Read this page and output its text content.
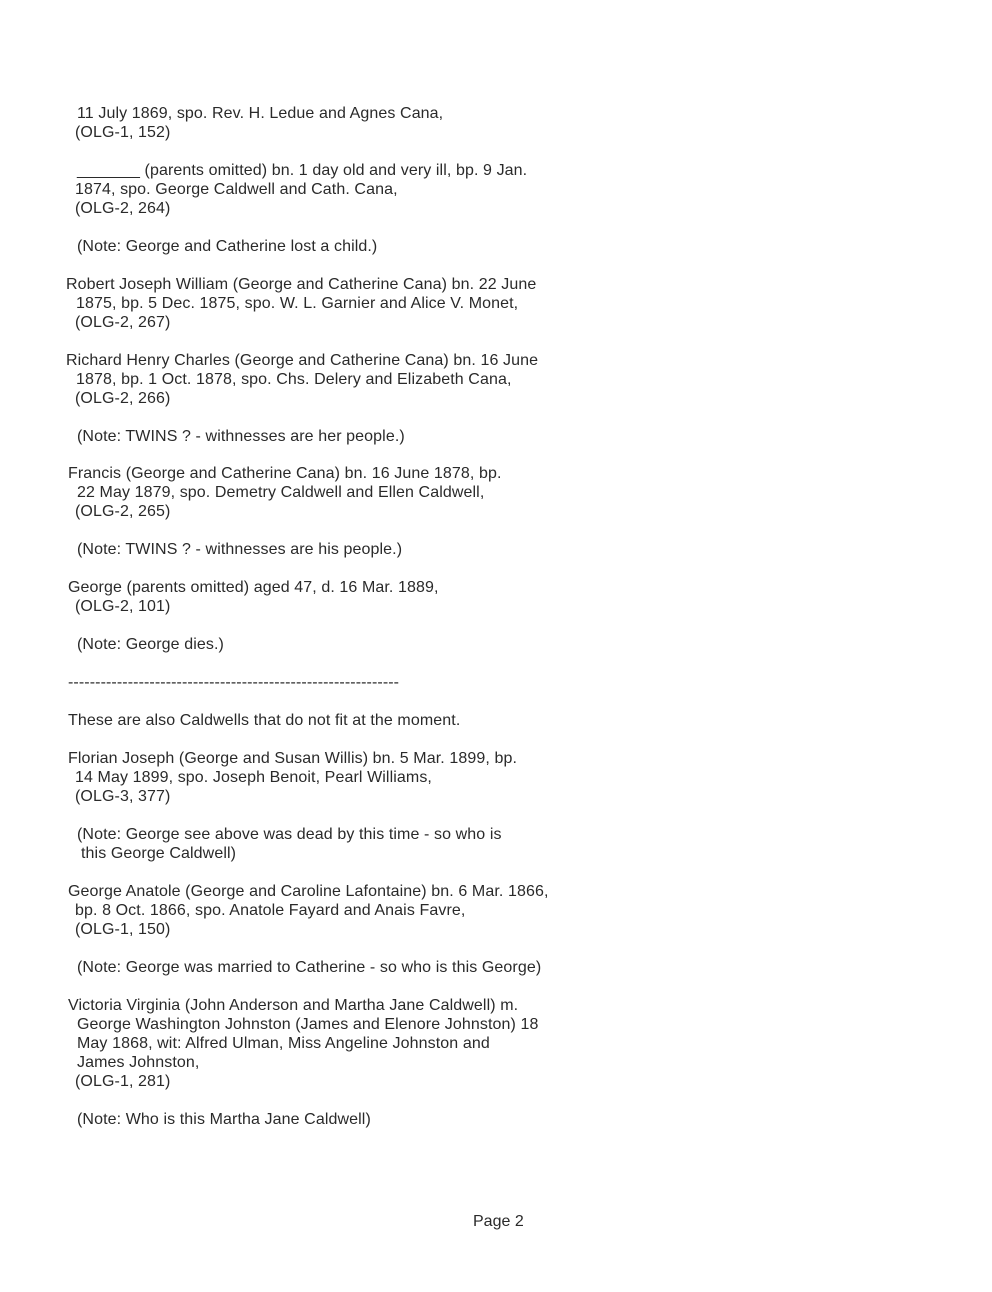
11 July 1869, spo. Rev. H. Ledue and Agnes Cana,
(OLG-1, 152)
_______ (parents omitted) bn. 1 day old and very ill, bp. 9 Jan.
1874, spo. George Caldwell and Cath. Cana,
(OLG-2, 264)
(Note: George and Catherine lost a child.)
Robert Joseph William (George and Catherine Cana) bn. 22 June
1875, bp. 5 Dec. 1875, spo. W. L. Garnier and Alice V. Monet,
(OLG-2, 267)
Richard Henry Charles (George and Catherine Cana) bn. 16 June
1878, bp. 1 Oct. 1878, spo. Chs. Delery and Elizabeth Cana,
(OLG-2, 266)
(Note: TWINS ? - withnesses are her people.)
Francis (George and Catherine Cana) bn. 16 June 1878, bp.
22 May 1879, spo. Demetry Caldwell and Ellen Caldwell,
(OLG-2, 265)
(Note: TWINS ? - withnesses are his people.)
George (parents omitted) aged 47, d. 16 Mar. 1889,
(OLG-2, 101)
(Note: George dies.)
-------------------------------------------------------------
These are also Caldwells that do not fit at the moment.
Florian Joseph (George and Susan Willis) bn. 5 Mar. 1899, bp.
14 May 1899, spo. Joseph Benoit, Pearl Williams,
(OLG-3, 377)
(Note: George see above was dead by this time - so who is
this George Caldwell)
George Anatole (George and Caroline Lafontaine) bn. 6 Mar. 1866,
bp. 8 Oct. 1866, spo. Anatole Fayard and Anais Favre,
(OLG-1, 150)
(Note: George was married to Catherine - so who is this George)
Victoria Virginia (John Anderson and Martha Jane Caldwell) m.
George Washington Johnston (James and Elenore Johnston) 18
May 1868, wit: Alfred Ulman, Miss Angeline Johnston and
James Johnston,
(OLG-1, 281)
(Note: Who is this Martha Jane Caldwell)
Page 2
